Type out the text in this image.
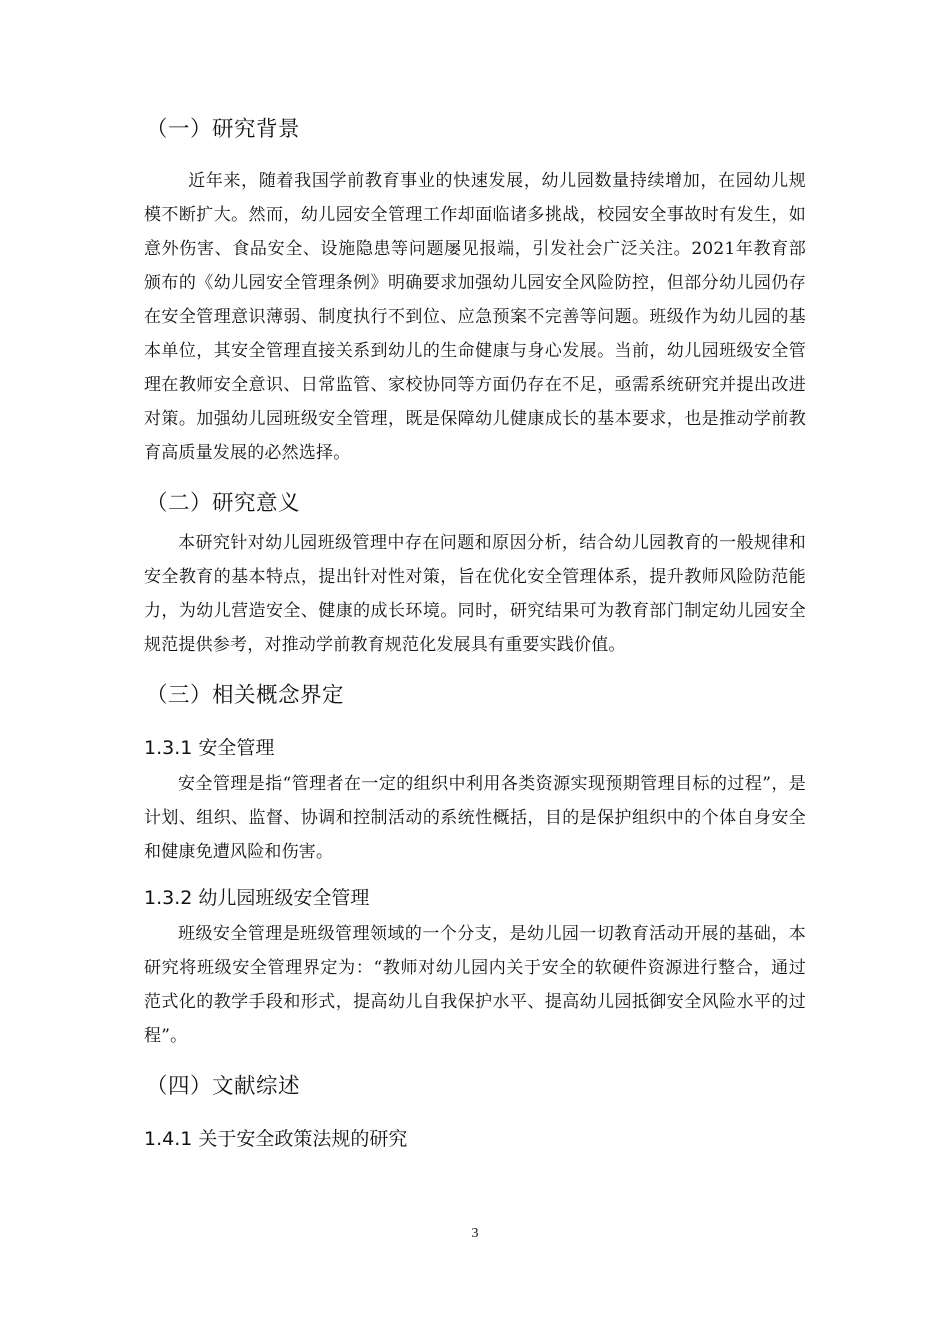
（一）研究背景

近年来，随着我国学前教育事业的快速发展，幼儿园数量持续增加，在园幼儿规模不断扩大。然而，幼儿园安全管理工作却面临诸多挑战，校园安全事故时有发生，如意外伤害、食品安全、设施隐患等问题屡见报端，引发社会广泛关注。2021年教育部颁布的《幼儿园安全管理条例》明确要求加强幼儿园安全风险防控，但部分幼儿园仍存在安全管理意识薄弱、制度执行不到位、应急预案不完善等问题。班级作为幼儿园的基本单位，其安全管理直接关系到幼儿的生命健康与身心发展。当前，幼儿园班级安全管理在教师安全意识、日常监管、家校协同等方面仍存在不足，亟需系统研究并提出改进对策。加强幼儿园班级安全管理，既是保障幼儿健康成长的基本要求，也是推动学前教育高质量发展的必然选择。

（二）研究意义

本研究针对幼儿园班级管理中存在问题和原因分析，结合幼儿园教育的一般规律和安全教育的基本特点，提出针对性对策，旨在优化安全管理体系，提升教师风险防范能力，为幼儿营造安全、健康的成长环境。同时，研究结果可为教育部门制定幼儿园安全规范提供参考，对推动学前教育规范化发展具有重要实践价值。

（三）相关概念界定
1.3.1 安全管理

安全管理是指“管理者在一定的组织中利用各类资源实现预期管理目标的过程”，是计划、组织、监督、协调和控制活动的系统性概括，目的是保护组织中的个体自身安全和健康免遭风险和伤害。

1.3.2 幼儿园班级安全管理

班级安全管理是班级管理领域的一个分支，是幼儿园一切教育活动开展的基础，本研究将班级安全管理界定为：“教师对幼儿园内关于安全的软硬件资源进行整合，通过范式化的教学手段和形式，提高幼儿自我保护水平、提高幼儿园抵御安全风险水平的过程”。

（四）文献综述
1.4.1 关于安全政策法规的研究
3
